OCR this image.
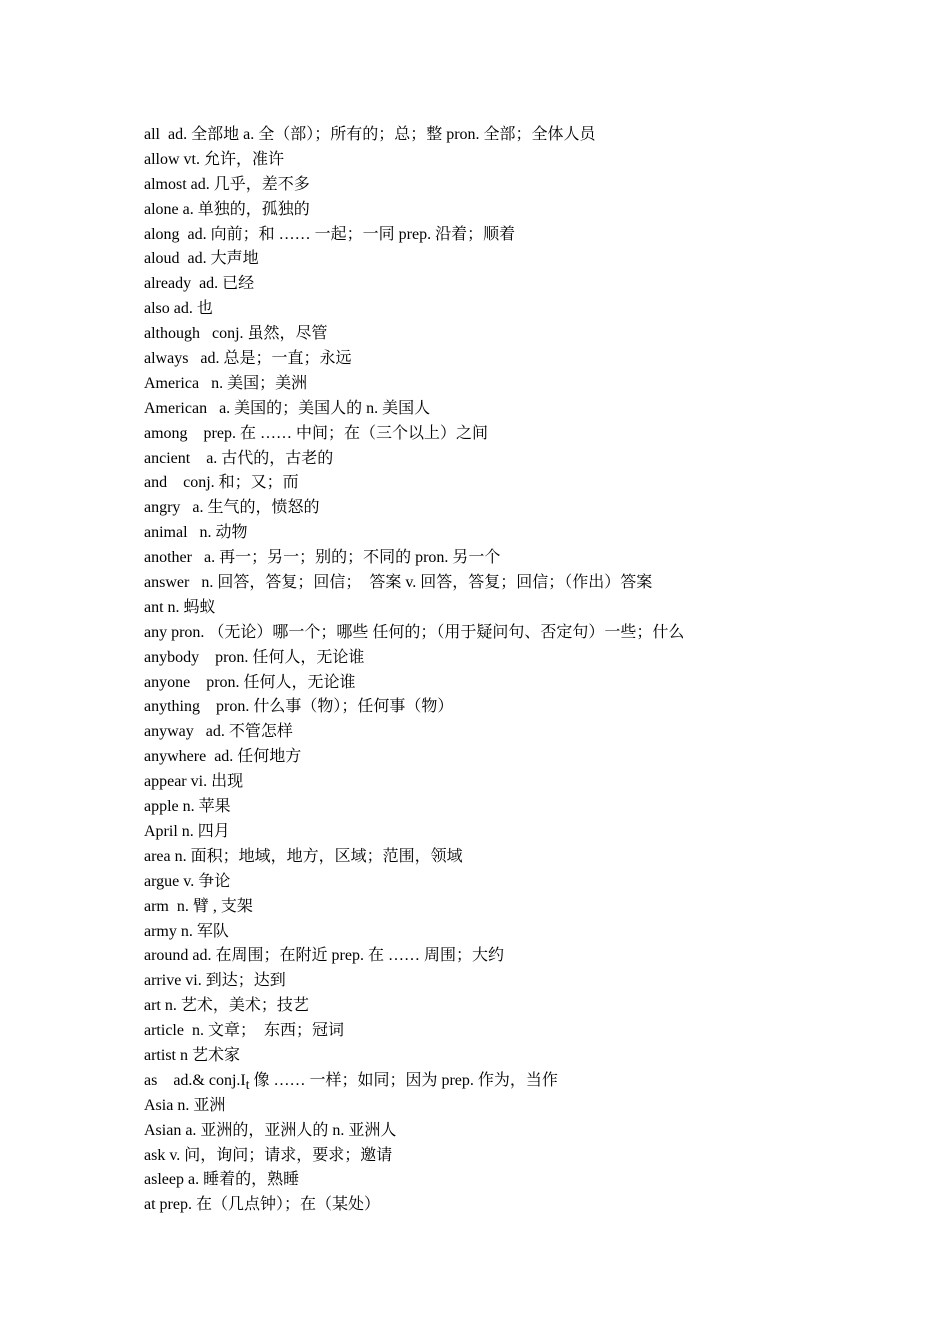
all  ad. 全部地 a. 全（部）；所有的；总；整 pron. 全部；全体人员
allow vt. 允许，准许
almost ad. 几乎，差不多
alone a. 单独的，孤独的
along  ad. 向前；和 …… 一起；一同 prep. 沿着；顺着
aloud  ad. 大声地
already  ad. 已经
also ad. 也
although   conj. 虽然，尽管
always   ad. 总是；一直；永远
America   n. 美国；美洲
American   a. 美国的；美国人的 n. 美国人
among    prep. 在 …… 中间；在（三个以上）之间
ancient    a. 古代的，古老的
and    conj. 和；又；而
angry   a. 生气的，愤怒的
animal   n. 动物
another   a. 再一；另一；别的；不同的 pron. 另一个
answer   n. 回答，答复；回信；  答案 v. 回答，答复；回信；（作出）答案
ant n. 蚂蚁
any pron. （无论）哪一个；哪些 任何的；（用于疑问句、否定句）一些；什么
anybody    pron. 任何人，无论谁
anyone    pron. 任何人，无论谁
anything    pron. 什么事（物）；任何事（物）
anyway   ad. 不管怎样
anywhere  ad. 任何地方
appear vi. 出现
apple n. 苹果
April n. 四月
area n. 面积；地域，地方，区域；范围，领域
argue v. 争论
arm  n. 臂 , 支架
army n. 军队
around ad. 在周围；在附近 prep. 在 …… 周围；大约
arrive vi. 到达；达到
art n. 艺术，美术；技艺
article  n. 文章；  东西；冠词
artist n 艺术家
as    ad.& $conj.I_t$ 像 …… 一样；如同；因为 prep. 作为，当作
Asia n. 亚洲
Asian a. 亚洲的，亚洲人的 n. 亚洲人
ask v. 问，询问；请求，要求；邀请
asleep a. 睡着的，熟睡
at prep. 在（几点钟）；在（某处）
